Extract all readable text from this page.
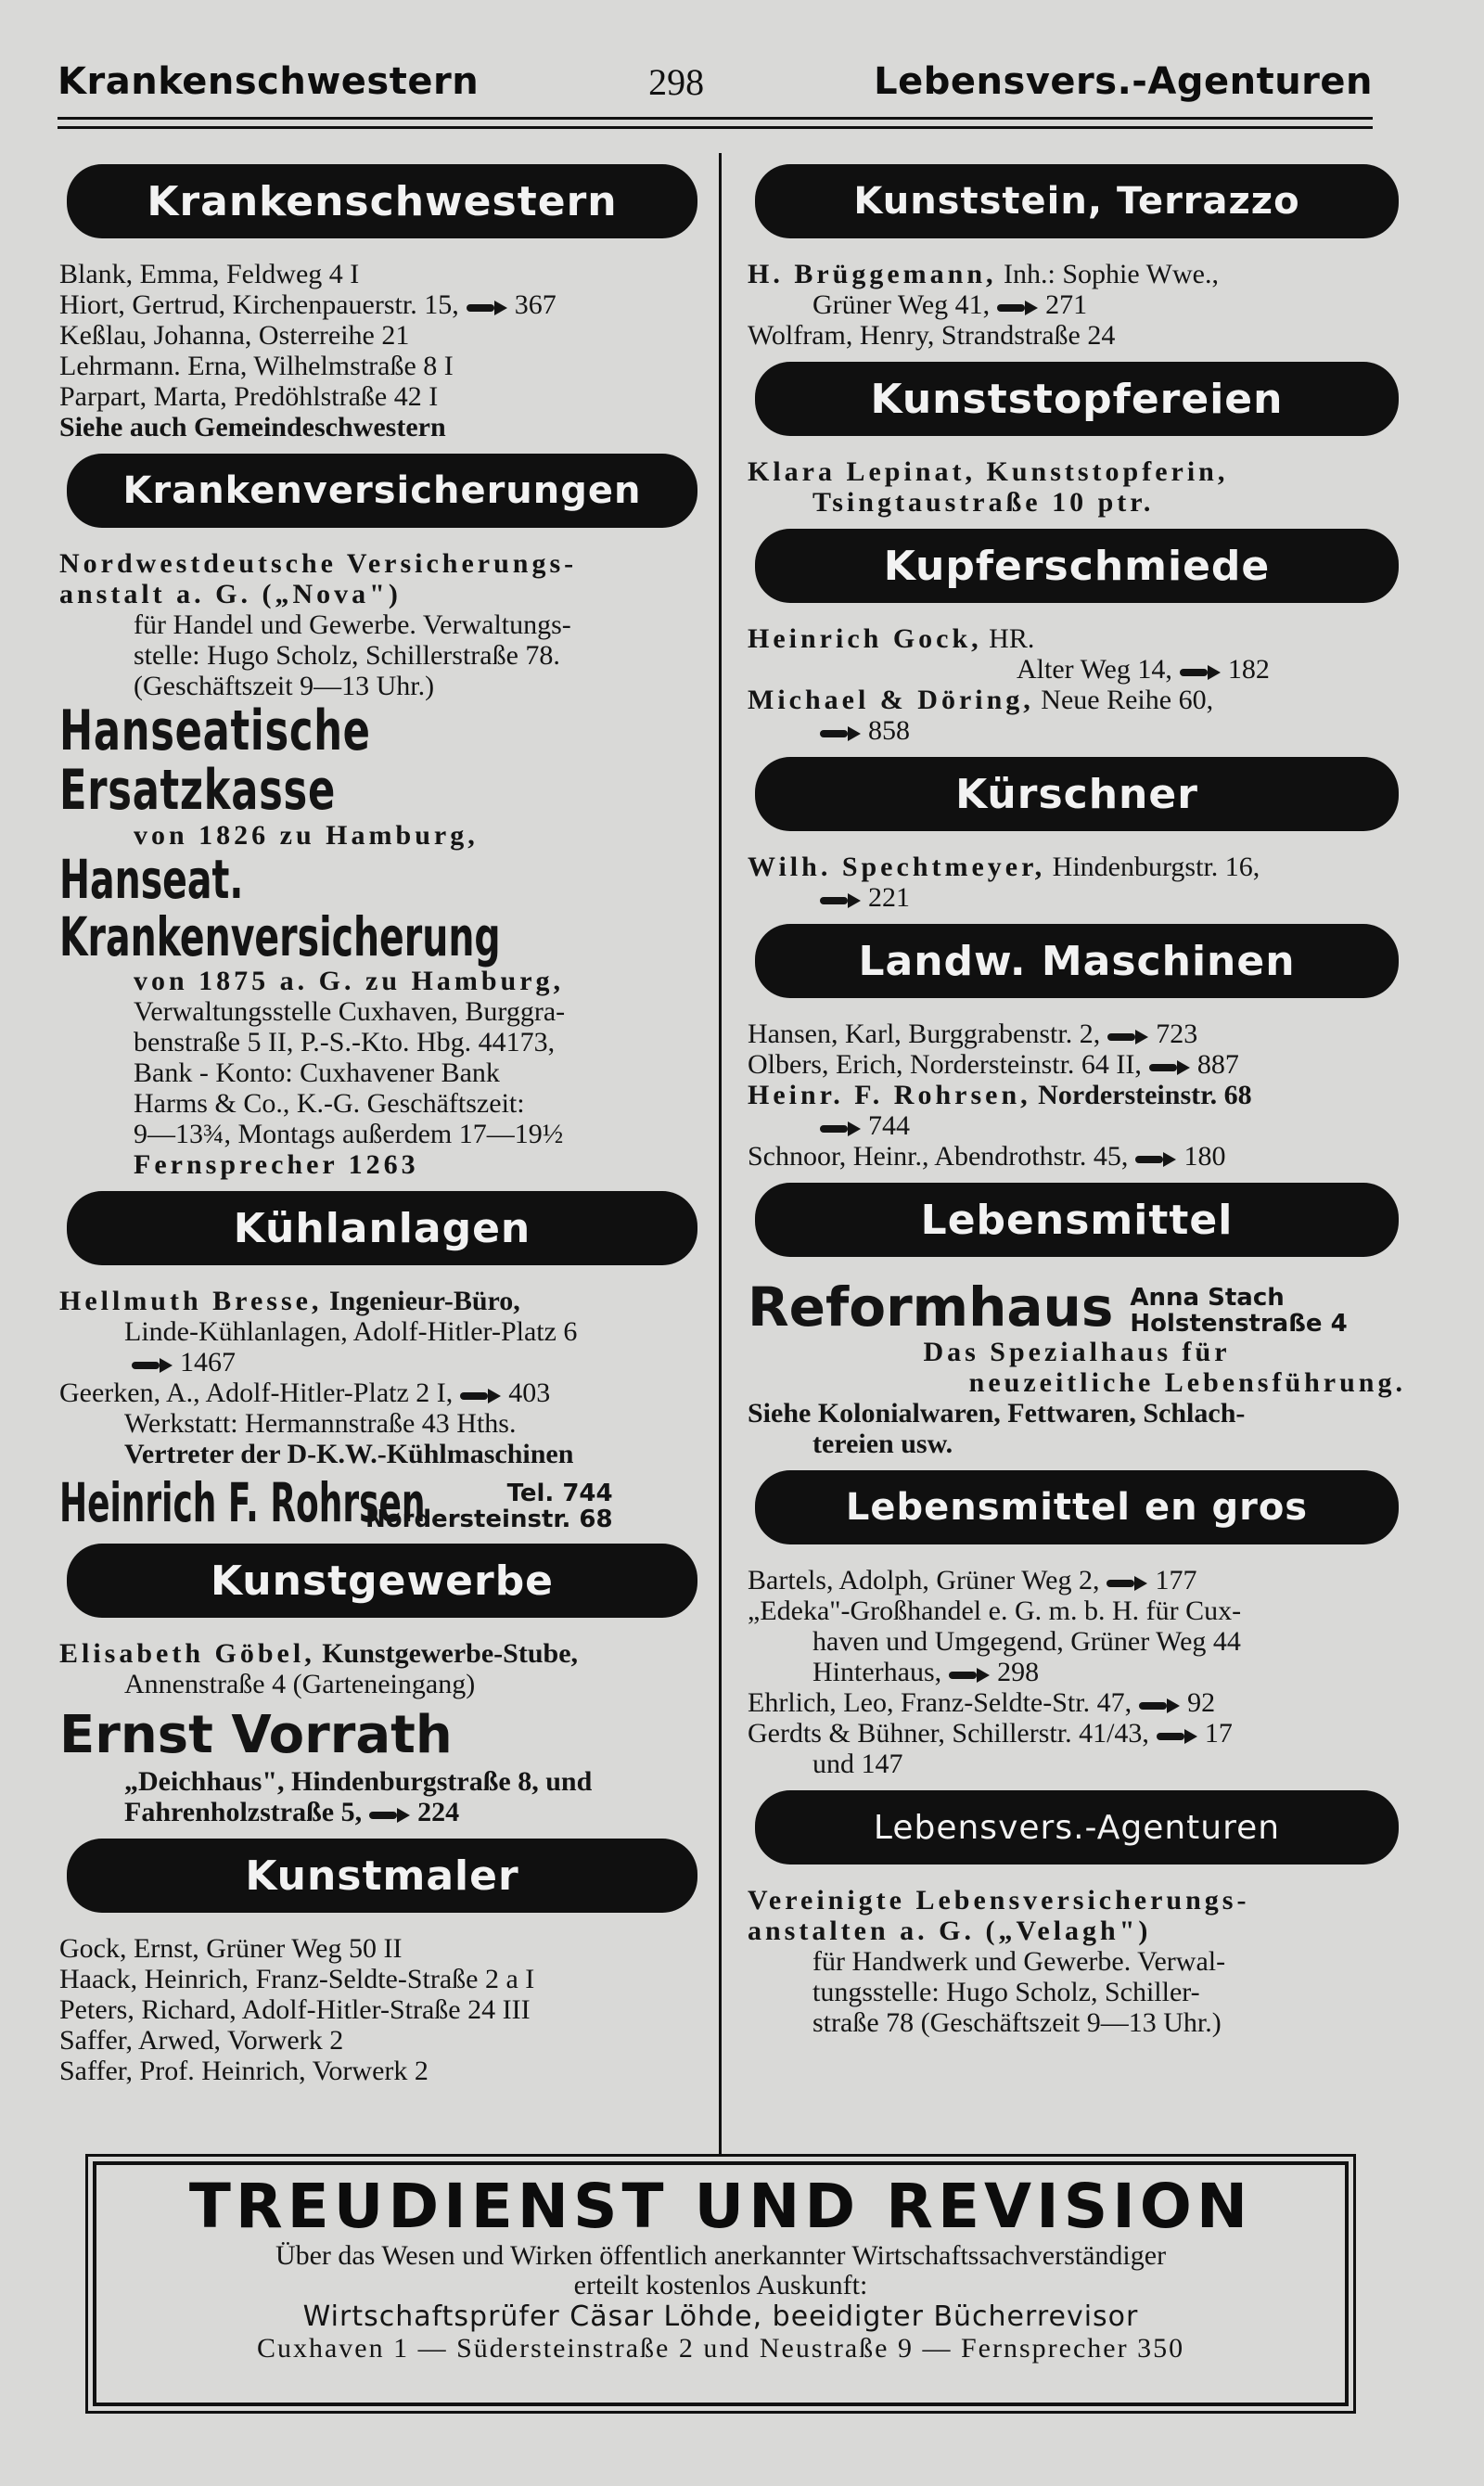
Krankenschwestern	298	Lebensvers.-Agenturen
Krankenschwestern
Blank, Emma, Feldweg 4 I
Hiort, Gertrud, Kirchenpauerstr. 15, 367
Keßlau, Johanna, Osterreihe 21
Lehrmann. Erna, Wilhelmstraße 8 I
Parpart, Marta, Predöhlstraße 42 I
Siehe auch Gemeindeschwestern
Krankenversicherungen
Nordwestdeutsche Versicherungs-
anstalt a. G. („Nova")
für Handel und Gewerbe. Verwaltungs-
stelle: Hugo Scholz, Schillerstraße 78.
(Geschäftszeit 9—13 Uhr.)
Hanseatische Ersatzkasse
von 1826 zu Hamburg,
Hanseat. Krankenversicherung
von 1875 a. G. zu Hamburg,
Verwaltungsstelle Cuxhaven, Burggra-
benstraße 5 II, P.-S.-Kto. Hbg. 44173,
Bank - Konto: Cuxhavener Bank
Harms & Co., K.-G. Geschäftszeit:
9—13¾, Montags außerdem 17—19½
Fernsprecher 1263
Kühlanlagen
Hellmuth Bresse, Ingenieur-Büro,
Linde-Kühlanlagen, Adolf-Hitler-Platz 6
1467
Geerken, A., Adolf-Hitler-Platz 2 I, 403
Werkstatt: Hermannstraße 43 Hths.
Vertreter der D-K.W.-Kühlmaschinen
Heinrich F. Rohrsen	Tel. 744
Nordersteinstr. 68
Kunstgewerbe
Elisabeth Göbel, Kunstgewerbe-Stube,
Annenstraße 4 (Garteneingang)
Ernst Vorrath
„Deichhaus", Hindenburgstraße 8, und
Fahrenholzstraße 5, 224
Kunstmaler
Gock, Ernst, Grüner Weg 50 II
Haack, Heinrich, Franz-Seldte-Straße 2 a I
Peters, Richard, Adolf-Hitler-Straße 24 III
Saffer, Arwed, Vorwerk 2
Saffer, Prof. Heinrich, Vorwerk 2
Kunststein, Terrazzo
H. Brüggemann, Inh.: Sophie Wwe.,
Grüner Weg 41, 271
Wolfram, Henry, Strandstraße 24
Kunststopfereien
Klara Lepinat, Kunststopferin,
Tsingtaustraße 10 ptr.
Kupferschmiede
Heinrich Gock, HR.
Alter Weg 14, 182
Michael & Döring, Neue Reihe 60,
858
Kürschner
Wilh. Spechtmeyer, Hindenburgstr. 16,
221
Landw. Maschinen
Hansen, Karl, Burggrabenstr. 2, 723
Olbers, Erich, Nordersteinstr. 64 II, 887
Heinr. F. Rohrsen, Nordersteinstr. 68
744
Schnoor, Heinr., Abendrothstr. 45, 180
Lebensmittel
Reformhaus Anna Stach
Holstenstraße 4
Das Spezialhaus für
neuzeitliche Lebensführung.
Siehe Kolonialwaren, Fettwaren, Schlach-
tereien usw.
Lebensmittel en gros
Bartels, Adolph, Grüner Weg 2, 177
„Edeka"-Großhandel e. G. m. b. H. für Cux-
haven und Umgegend, Grüner Weg 44
Hinterhaus, 298
Ehrlich, Leo, Franz-Seldte-Str. 47, 92
Gerdts & Bühner, Schillerstr. 41/43, 17
und 147
Lebensvers.-Agenturen
Vereinigte Lebensversicherungs-
anstalten a. G. („Velagh")
für Handwerk und Gewerbe. Verwal-
tungsstelle: Hugo Scholz, Schiller-
straße 78 (Geschäftszeit 9—13 Uhr.)
TREUDIENST UND REVISION
Über das Wesen und Wirken öffentlich anerkannter Wirtschaftssachverständiger
erteilt kostenlos Auskunft:
Wirtschaftsprüfer Cäsar Löhde, beeidigter Bücherrevisor
Cuxhaven 1 — Südersteinstraße 2 und Neustraße 9 — Fernsprecher 350
